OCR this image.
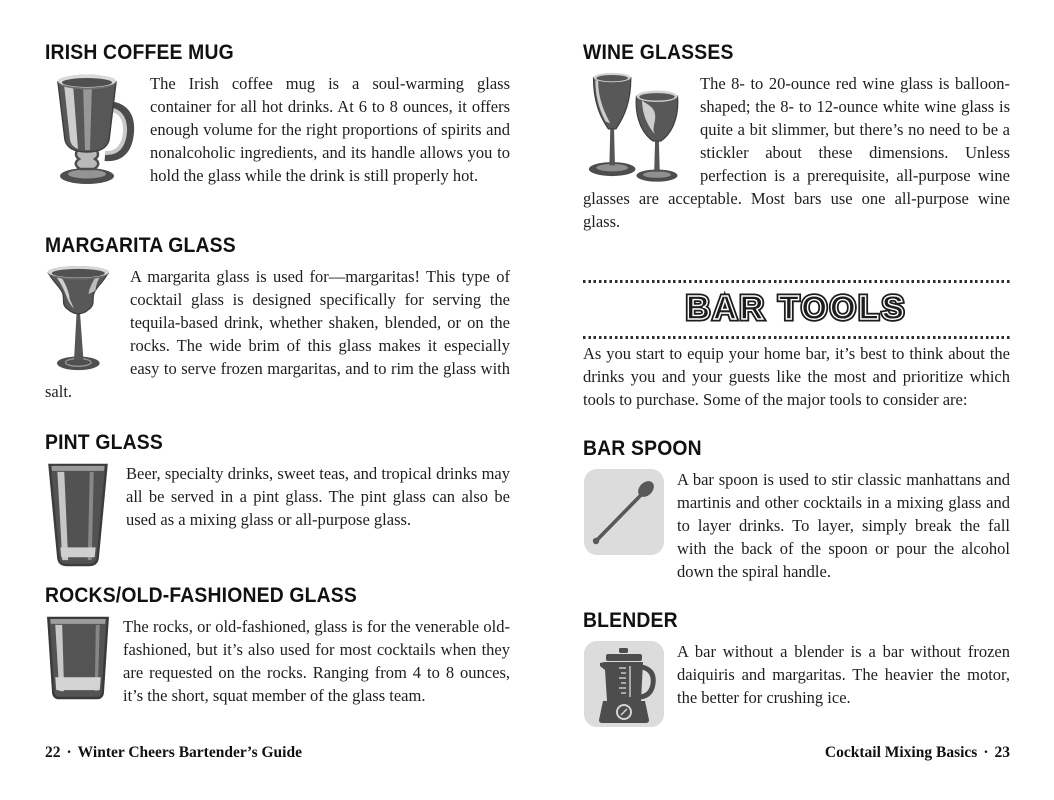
IRISH COFFEE MUG
The Irish coffee mug is a soul-warming glass container for all hot drinks. At 6 to 8 ounces, it offers enough volume for the right proportions of spirits and nonalcoholic ingredients, and its handle allows you to hold the glass while the drink is still properly hot.
MARGARITA GLASS
A margarita glass is used for—margaritas! This type of cocktail glass is designed specifically for serving the tequila-based drink, whether shaken, blended, or on the rocks. The wide brim of this glass makes it especially easy to serve frozen margaritas, and to rim the glass with salt.
PINT GLASS
Beer, specialty drinks, sweet teas, and tropical drinks may all be served in a pint glass. The pint glass can also be used as a mixing glass or all-purpose glass.
ROCKS/OLD-FASHIONED GLASS
The rocks, or old-fashioned, glass is for the venerable old-fashioned, but it’s also used for most cocktails when they are requested on the rocks. Ranging from 4 to 8 ounces, it’s the short, squat member of the glass team.
22 · Winter Cheers Bartender’s Guide
WINE GLASSES
The 8- to 20-ounce red wine glass is balloon-shaped; the 8- to 12-ounce white wine glass is quite a bit slimmer, but there’s no need to be a stickler about these dimensions. Unless perfection is a prerequisite, all-purpose wine glasses are acceptable. Most bars use one all-purpose wine glass.
BAR TOOLS BAR TOOLS

As you start to equip your home bar, it’s best to think about the drinks you and your guests like the most and prioritize which tools to purchase. Some of the major tools to consider are:

BAR SPOON

A bar spoon is used to stir classic manhattans and martinis and other cocktails in a mixing glass and to layer drinks. To layer, simply break the fall with the back of the spoon or pour the alcohol down the spiral handle.

BLENDER

A bar without a blender is a bar without frozen daiquiris and margaritas. The heavier the motor, the better for crushing ice.

Cocktail Mixing Basics · 23
